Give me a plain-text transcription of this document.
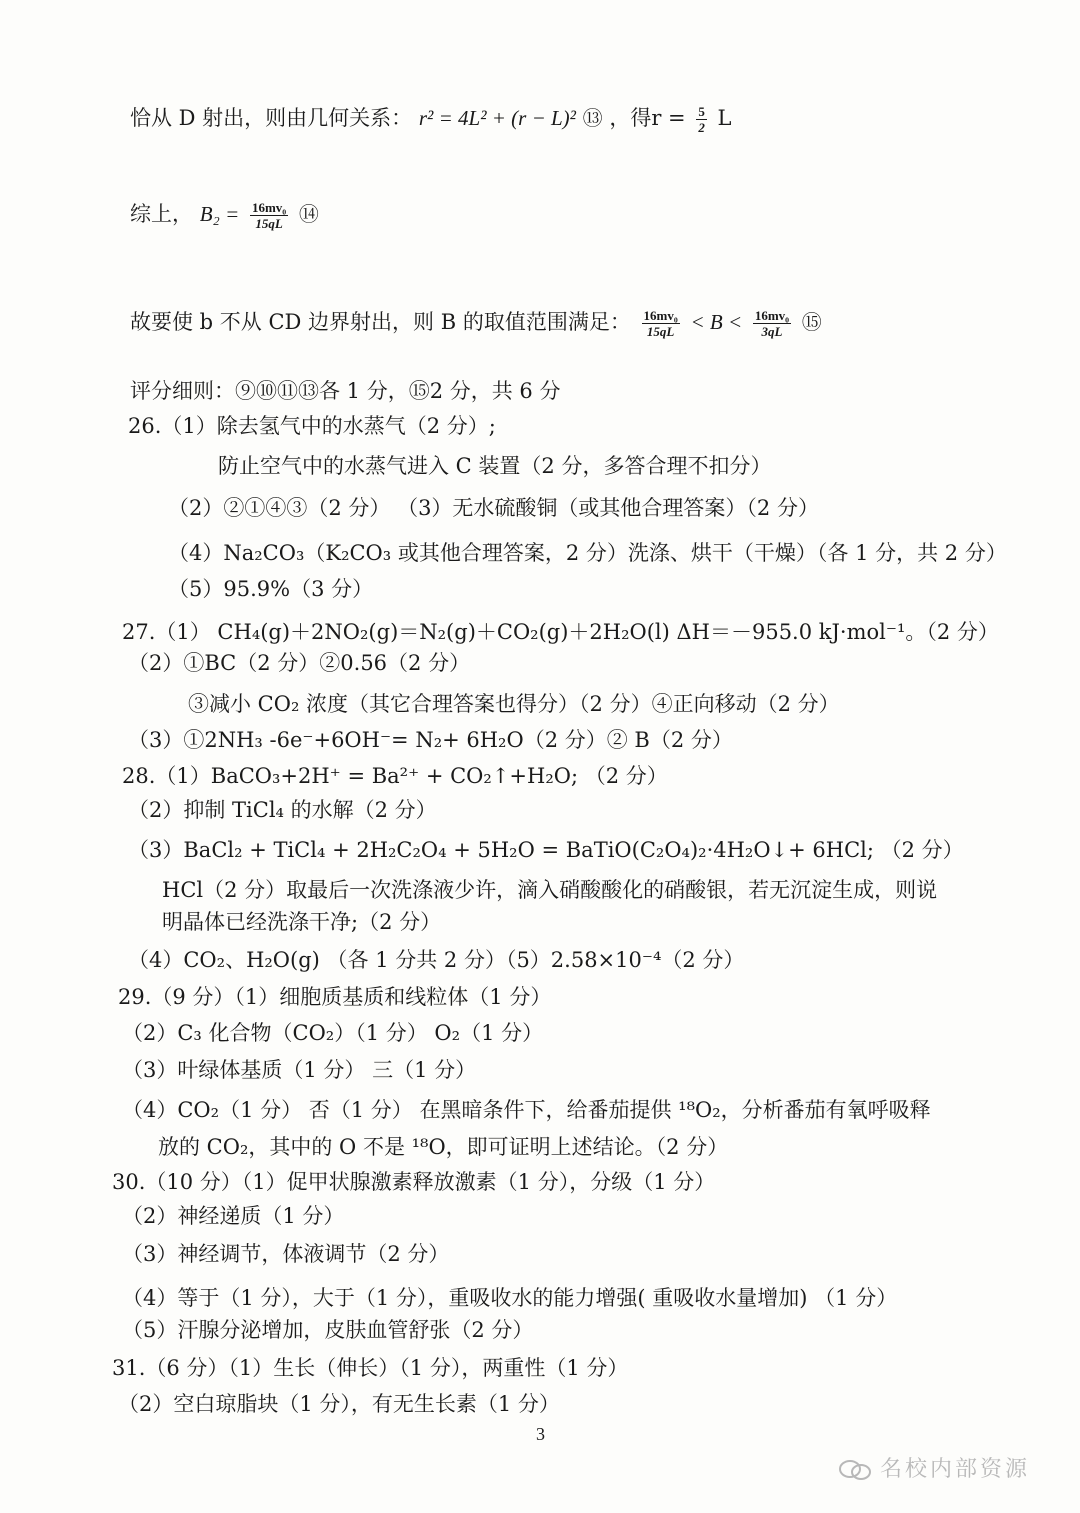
恰从 D 射出，则由几何关系： r² = 4L² + (r − L)² ⑬ ，得$r = \frac{5}{2}$ L
综上， $B_2 = \frac{\text{16mv₀}}{15qL}$ ⑭
故要使 b 不从 CD 边界射出，则 B 的取值范围满足： $\frac{\text{16mv₀}}{15qL} < B < \frac{\text{16mv₀}}{3qL}$ ⑮
评分细则：⑨⑩⑪⑬各 1 分，⑮2 分，共 6 分
26.（1）除去氢气中的水蒸气（2 分）;
防止空气中的水蒸气进入 C 装置（2 分，多答合理不扣分）
（2）②①④③（2 分） （3）无水硫酸铜（或其他合理答案）（2 分）
（4）Na₂CO₃（K₂CO₃ 或其他合理答案，2 分）洗涤、烘干（干燥）（各 1 分，共 2 分）
（5）95.9%（3 分）
27.（1） CH₄(g)＋2NO₂(g)＝N₂(g)＋CO₂(g)＋2H₂O(l) ΔH＝－955.0 kJ·mol⁻¹。（2 分）
（2）①BC（2 分）②0.56（2 分）
③减小 CO₂ 浓度（其它合理答案也得分）（2 分）④正向移动（2 分）
（3）①2NH₃ -6e⁻+6OH⁻= N₂+ 6H₂O（2 分）② B（2 分）
28.（1）BaCO₃+2H⁺ = Ba²⁺ + CO₂↑+H₂O; （2 分）
（2）抑制 TiCl₄ 的水解（2 分）
（3）BaCl₂ + TiCl₄ + 2H₂C₂O₄ + 5H₂O = BaTiO(C₂O₄)₂·4H₂O↓+ 6HCl; （2 分）
HCl（2 分）取最后一次洗涤液少许，滴入硝酸酸化的硝酸银，若无沉淀生成，则说
明晶体已经洗涤干净;（2 分）
（4）CO₂、H₂O(g) （各 1 分共 2 分）（5）2.58×10⁻⁴（2 分）
29.（9 分）（1）细胞质基质和线粒体（1 分）
（2）C₃ 化合物（CO₂）（1 分） O₂（1 分）
（3）叶绿体基质（1 分） 三（1 分）
（4）CO₂（1 分） 否（1 分） 在黑暗条件下，给番茄提供 ¹⁸O₂，分析番茄有氧呼吸释
放的 CO₂，其中的 O 不是 ¹⁸O，即可证明上述结论。（2 分）
30.（10 分）（1）促甲状腺激素释放激素（1 分），分级（1 分）
（2）神经递质（1 分）
（3）神经调节，体液调节（2 分）
（4）等于（1 分），大于（1 分），重吸收水的能力增强( 重吸收水量增加) （1 分）
（5）汗腺分泌增加，皮肤血管舒张（2 分）
31.（6 分）（1）生长（伸长）（1 分），两重性（1 分）
（2）空白琼脂块（1 分），有无生长素（1 分）
3
名校内部资源
